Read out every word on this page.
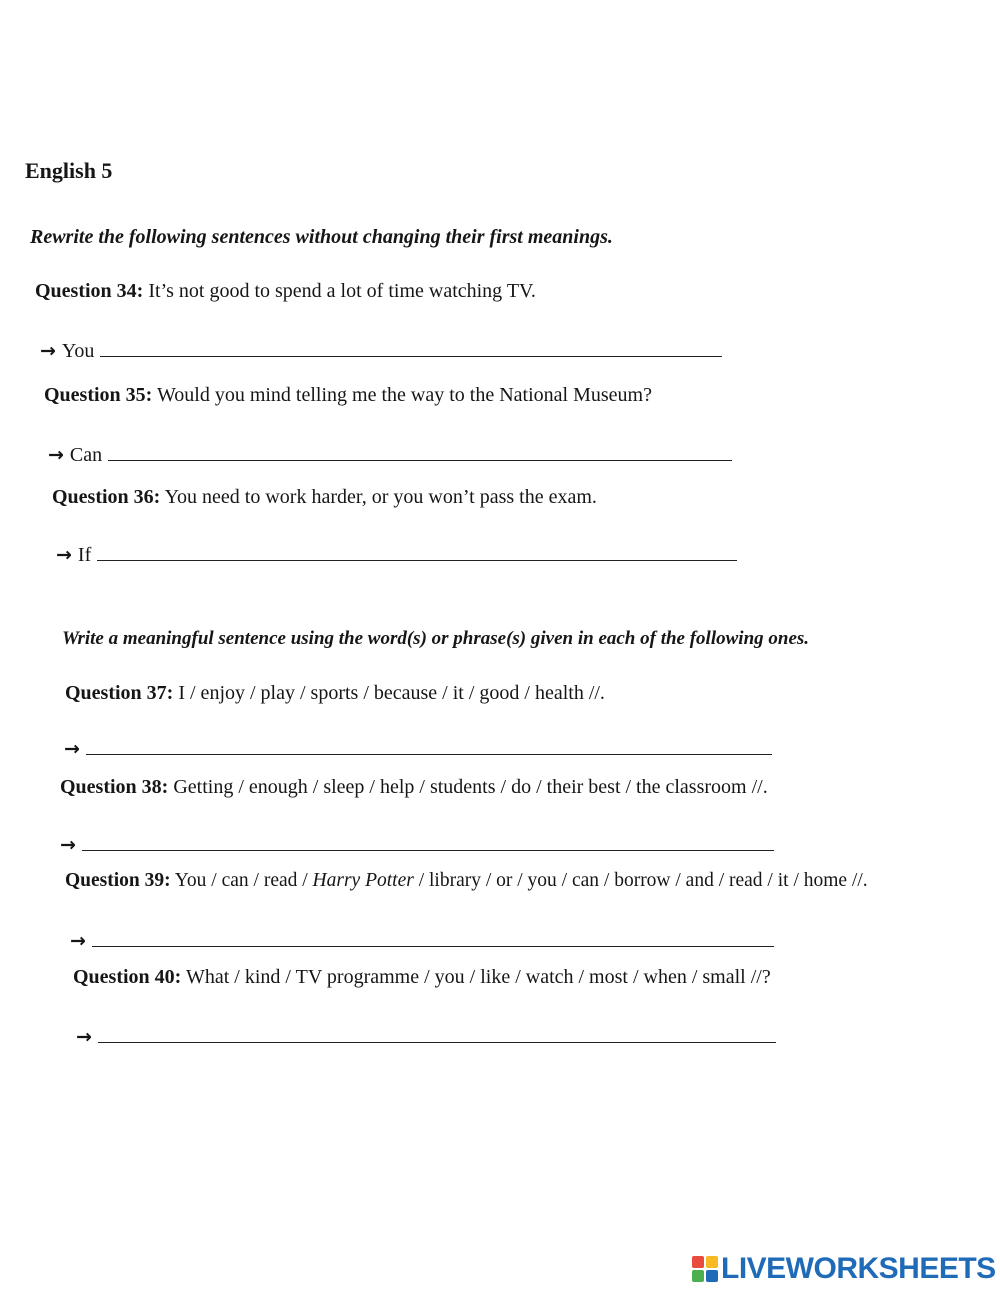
English 5
Rewrite the following sentences without changing their first meanings.
Question 34: It’s not good to spend a lot of time watching TV.
→ You
Question 35: Would you mind telling me the way to the National Museum?
→ Can
Question 36: You need to work harder, or you won’t pass the exam.
→ If
Write a meaningful sentence using the word(s) or phrase(s) given in each of the following ones.
Question 37: I / enjoy / play / sports / because / it / good / health //.
→
Question 38: Getting / enough / sleep / help / students / do / their best / the classroom //.
→
Question 39: You / can / read / Harry Potter / library / or / you / can / borrow / and / read / it / home //.
→
Question 40: What / kind / TV programme / you / like / watch / most / when / small //?
→
LIVEWORKSHEETS
